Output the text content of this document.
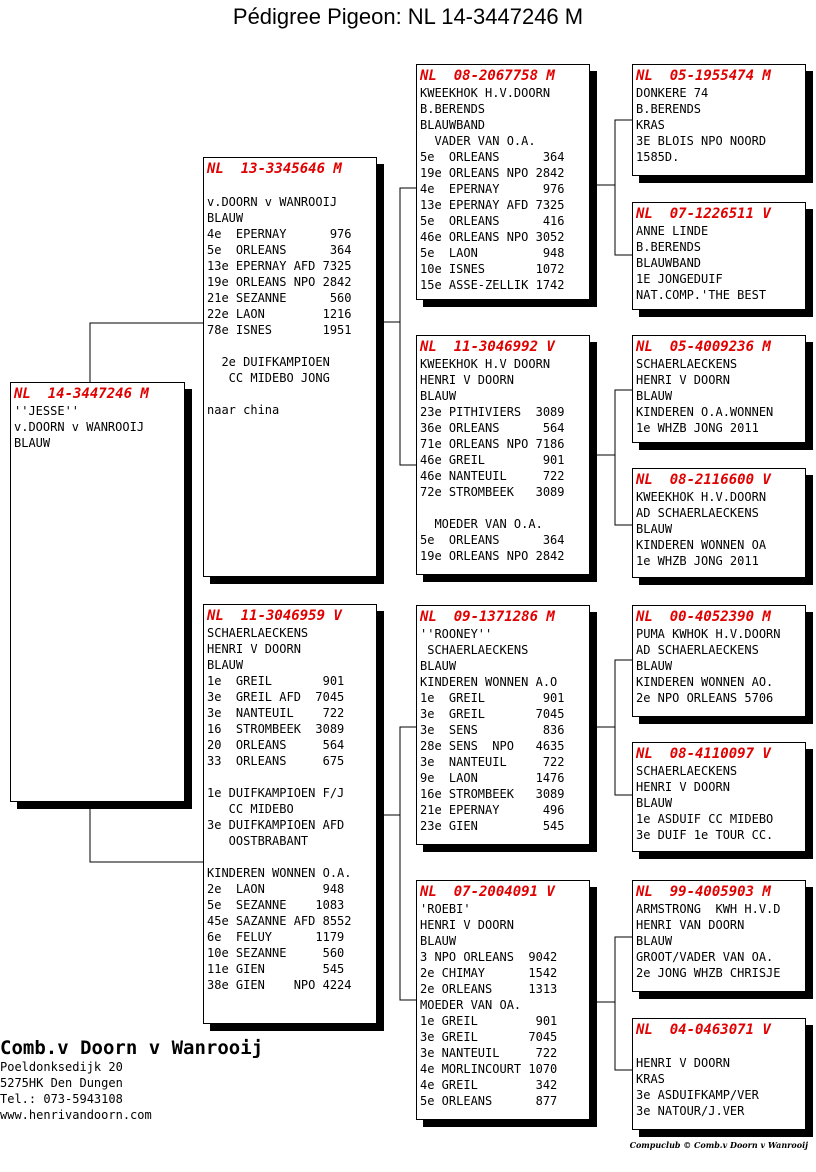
Pédigree Pigeon: NL 14-3447246 M
NL  14-3447246 M
''JESSE''
v.DOORN v WANROOIJ
BLAUW
NL  13-3345646 M
v.DOORN v WANROOIJ
BLAUW
4e  EPERNAY      976
5e  ORLEANS      364
13e EPERNAY AFD 7325
19e ORLEANS NPO 2842
21e SEZANNE      560
22e LAON        1216
78e ISNES       1951
2e DUIFKAMPIOEN
CC MIDEBO JONG
naar china
NL  11-3046959 V
SCHAERLAECKENS
HENRI V DOORN
BLAUW
1e  GREIL       901
3e  GREIL AFD  7045
3e  NANTEUIL    722
16  STROMBEEK  3089
20  ORLEANS     564
33  ORLEANS     675
1e DUIFKAMPIOEN F/J
CC MIDEBO
3e DUIFKAMPIOEN AFD
OOSTBRABANT
KINDEREN WONNEN O.A.
2e  LAON        948
5e  SEZANNE    1083
45e SAZANNE AFD 8552
6e  FELUY      1179
10e SEZANNE     560
11e GIEN        545
38e GIEN    NPO 4224
NL  08-2067758 M
KWEEKHOK H.V.DOORN
B.BERENDS
BLAUWBAND
VADER VAN O.A.
5e  ORLEANS      364
19e ORLEANS NPO 2842
4e  EPERNAY      976
13e EPERNAY AFD 7325
5e  ORLEANS      416
46e ORLEANS NPO 3052
5e  LAON         948
10e ISNES       1072
15e ASSE-ZELLIK 1742
NL  11-3046992 V
KWEEKHOK H.V DOORN
HENRI V DOORN
BLAUW
23e PITHIVIERS  3089
36e ORLEANS      564
71e ORLEANS NPO 7186
46e GREIL        901
46e NANTEUIL     722
72e STROMBEEK   3089
MOEDER VAN O.A.
5e  ORLEANS      364
19e ORLEANS NPO 2842
NL  09-1371286 M
''ROONEY''
SCHAERLAECKENS
BLAUW
KINDEREN WONNEN A.O
1e  GREIL        901
3e  GREIL       7045
3e  SENS         836
28e SENS  NPO   4635
3e  NANTEUIL     722
9e  LAON        1476
16e STROMBEEK   3089
21e EPERNAY      496
23e GIEN         545
NL  07-2004091 V
'ROEBI'
HENRI V DOORN
BLAUW
3 NPO ORLEANS  9042
2e CHIMAY      1542
2e ORLEANS     1313
MOEDER VAN OA.
1e GREIL        901
3e GREIL       7045
3e NANTEUIL     722
4e MORLINCOURT 1070
4e GREIL        342
5e ORLEANS      877
NL  05-1955474 M
DONKERE 74
B.BERENDS
KRAS
3E BLOIS NPO NOORD
1585D.
NL  07-1226511 V
ANNE LINDE
B.BERENDS
BLAUWBAND
1E JONGEDUIF
NAT.COMP.'THE BEST
NL  05-4009236 M
SCHAERLAECKENS
HENRI V DOORN
BLAUW
KINDEREN O.A.WONNEN
1e WHZB JONG 2011
NL  08-2116600 V
KWEEKHOK H.V.DOORN
AD SCHAERLAECKENS
BLAUW
KINDEREN WONNEN OA
1e WHZB JONG 2011
NL  00-4052390 M
PUMA KWHOK H.V.DOORN
AD SCHAERLAECKENS
BLAUW
KINDEREN WONNEN AO.
2e NPO ORLEANS 5706
NL  08-4110097 V
SCHAERLAECKENS
HENRI V DOORN
BLAUW
1e ASDUIF CC MIDEBO
3e DUIF 1e TOUR CC.
NL  99-4005903 M
ARMSTRONG  KWH H.V.D
HENRI VAN DOORN
BLAUW
GROOT/VADER VAN OA.
2e JONG WHZB CHRISJE
NL  04-0463071 V
HENRI V DOORN
KRAS
3e ASDUIFKAMP/VER
3e NATOUR/J.VER
Comb.v Doorn v Wanrooij
Poeldonksedijk 20
5275HK Den Dungen
Tel.: 073-5943108
www.henrivandoorn.com
Compuclub © Comb.v Doorn v Wanrooij
